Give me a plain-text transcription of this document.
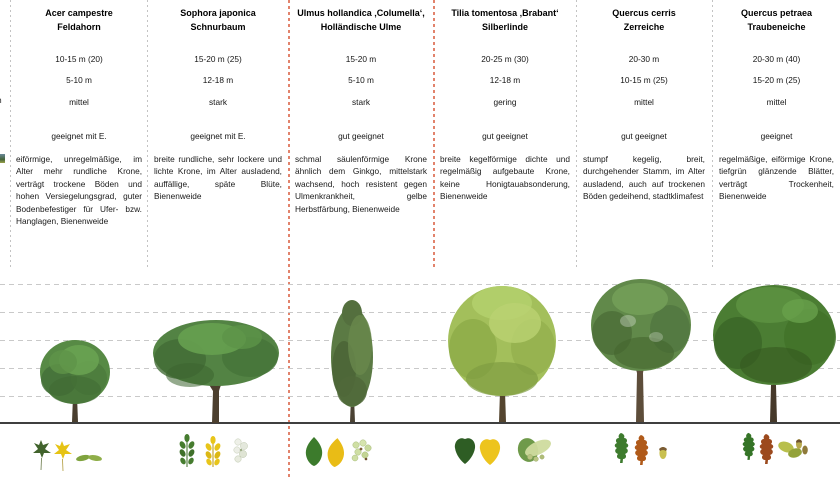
Acer campestre
Feldahorn
10-15 m (20)
5-10 m
mittel
geeignet mit E.
eiförmige, unregelmäßige, im Alter mehr rundliche Krone, verträgt trockene Böden und hohen Versiegelungsgrad, guter Bodenbefestiger für Ufer- bzw. Hanglagen, Bienenweide
Sophora japonica
Schnurbaum
15-20 m (25)
12-18 m
stark
geeignet mit E.
breite rundliche, sehr lockere und lichte Krone, im Alter ausladend, auffällige, späte Blüte, Bienenweide
Ulmus hollandica ‚Columella‘,
Holländische Ulme
15-20 m
5-10 m
stark
gut geeignet
schmal säulenförmige Krone ähnlich dem Ginkgo, mittelstark wachsend, hoch resistent gegen Ulmenkrankheit, gelbe Herbstfärbung, Bienenweide
Tilia tomentosa ‚Brabant‘
Silberlinde
20-25 m (30)
12-18 m
gering
gut geeignet
breite kegelförmige dichte und regelmäßig aufgebaute Krone, keine Honigtauabsonderung, Bienenweide
Quercus cerris
Zerreiche
20-30 m
10-15 m (25)
mittel
gut geeignet
stumpf kegelig, breit, durchgehender Stamm, im Alter ausladend, auch auf trockenen Böden gedeihend, stadtklimafest
Quercus petraea
Traubeneiche
20-30 m (40)
15-20 m (25)
mittel
geeignet
regelmäßige, eiförmige Krone, tiefgrün glänzende Blätter, verträgt Trockenheit, Bienenweide
